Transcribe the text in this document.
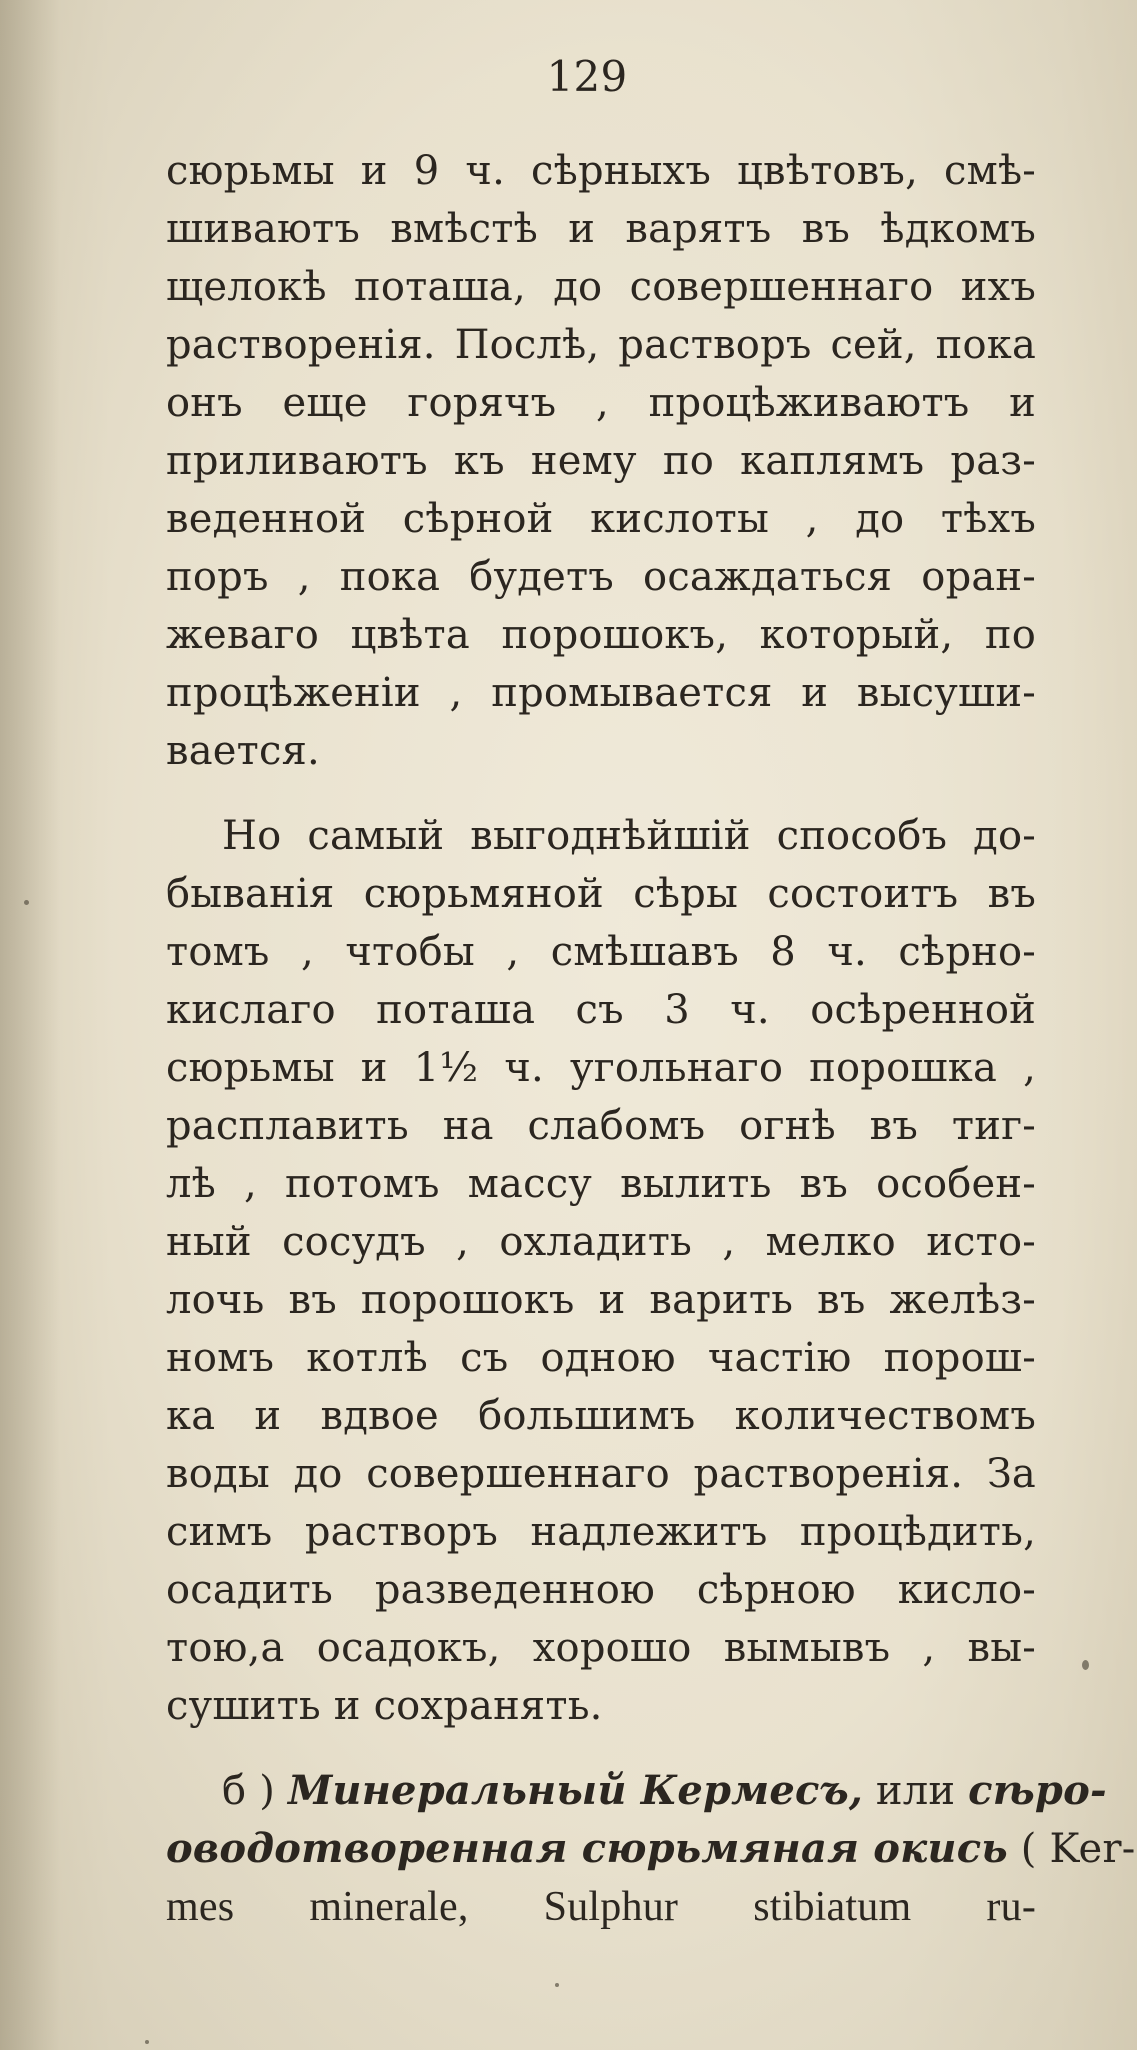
129
сюрьмы и 9 ч. сѣрныхъ цвѣтовъ, смѣ-
шиваютъ вмѣстѣ и варятъ въ ѣдкомъ
щелокѣ поташа, до совершеннаго ихъ
растворенія. Послѣ, растворъ сей, пока
онъ еще горячъ , процѣживаютъ и
приливаютъ къ нему по каплямъ раз-
веденной сѣрной кислоты , до тѣхъ
поръ , пока будетъ осаждаться оран-
жеваго цвѣта порошокъ, который, по
процѣженіи , промывается и высуши-
вается.
Но самый выгоднѣйшій способъ до-
бывaнія сюрьмяной сѣры состоитъ въ
томъ , чтобы , смѣшавъ 8 ч. сѣрно-
кислаго поташа съ 3 ч. осѣренной
сюрьмы и 1½ ч. угольнаго порошка ,
расплавить на слабомъ огнѣ въ тиг-
лѣ , потомъ массу вылить въ особен-
ный сосудъ , охладить , мелко исто-
лочь въ порошокъ и варить въ желѣз-
номъ котлѣ съ одною частію порош-
ка и вдвое большимъ количествомъ
воды до совершеннаго растворенія. За
симъ растворъ надлежитъ процѣдить,
осадить разведенною сѣрною кисло-
тою,а осадокъ, хорошо вымывъ , вы-
сушить и сохранять.
б ) Минеральный Кермесъ, или сѣро-
оводотворенная сюрьмяная окись ( Ker-
mes minerale, Sulphur stibiatum ru-
